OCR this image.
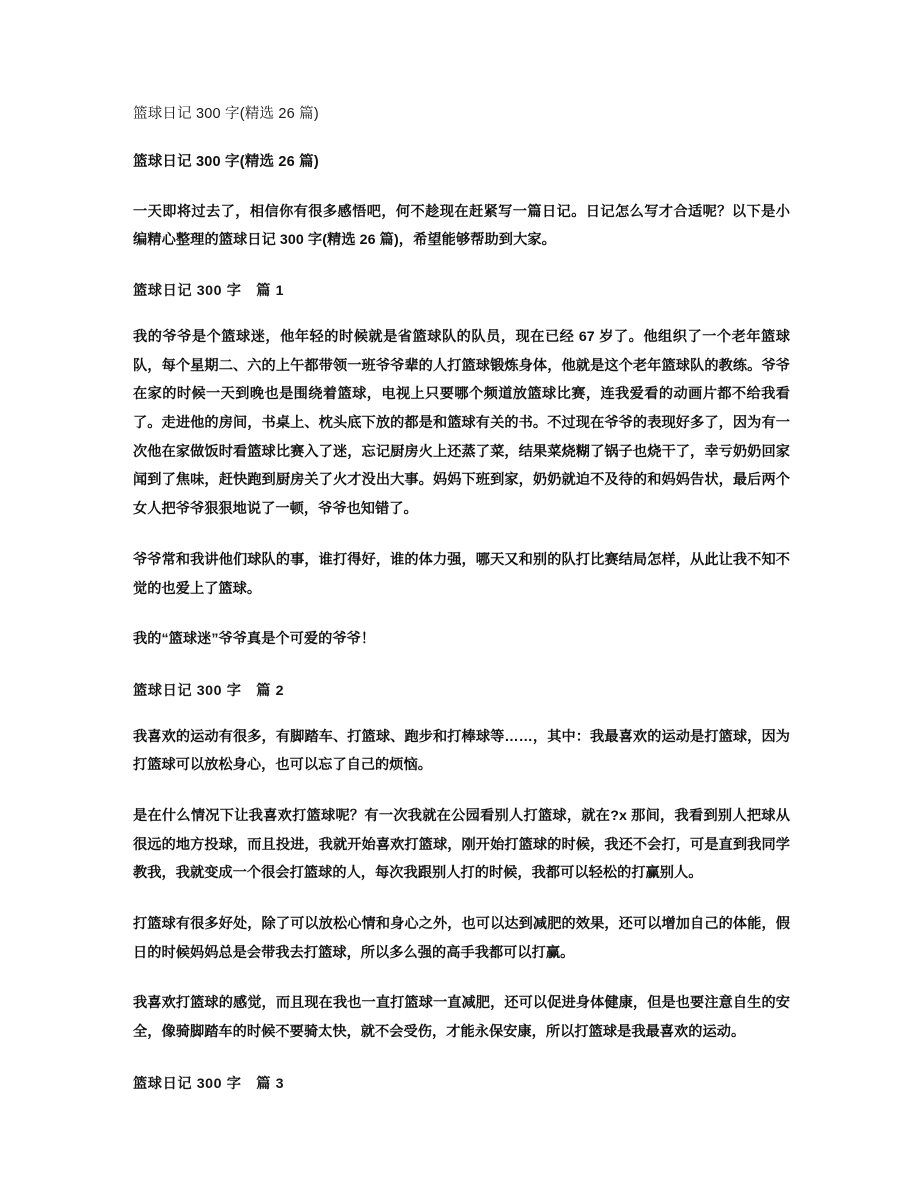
篮球日记 300 字(精选 26 篇)
篮球日记 300 字(精选 26 篇)

一天即将过去了，相信你有很多感悟吧，何不趁现在赶紧写一篇日记。日记怎么写才合适呢？以下是小编精心整理的篮球日记 300 字(精选 26 篇)，希望能够帮助到大家。

篮球日记 300 字　篇 1

我的爷爷是个篮球迷，他年轻的时候就是省篮球队的队员，现在已经 67 岁了。他组织了一个老年篮球队，每个星期二、六的上午都带领一班爷爷辈的人打篮球锻炼身体，他就是这个老年篮球队的教练。爷爷在家的时候一天到晚也是围绕着篮球，电视上只要哪个频道放篮球比赛，连我爱看的动画片都不给我看了。走进他的房间，书桌上、枕头底下放的都是和篮球有关的书。不过现在爷爷的表现好多了，因为有一次他在家做饭时看篮球比赛入了迷，忘记厨房火上还蒸了菜，结果菜烧糊了锅子也烧干了，幸亏奶奶回家闻到了焦味，赶快跑到厨房关了火才没出大事。妈妈下班到家，奶奶就迫不及待的和妈妈告状，最后两个女人把爷爷狠狠地说了一顿，爷爷也知错了。

爷爷常和我讲他们球队的事，谁打得好，谁的体力强，哪天又和别的队打比赛结局怎样，从此让我不知不觉的也爱上了篮球。

我的“篮球迷”爷爷真是个可爱的爷爷！

篮球日记 300 字　篇 2

我喜欢的运动有很多，有脚踏车、打篮球、跑步和打棒球等……，其中：我最喜欢的运动是打篮球，因为打篮球可以放松身心，也可以忘了自己的烦恼。

是在什么情况下让我喜欢打篮球呢？有一次我就在公园看别人打篮球，就在?x 那间，我看到别人把球从很远的地方投球，而且投进，我就开始喜欢打篮球，刚开始打篮球的时候，我还不会打，可是直到我同学教我，我就变成一个很会打篮球的人，每次我跟别人打的时候，我都可以轻松的打赢别人。

打篮球有很多好处，除了可以放松心情和身心之外，也可以达到减肥的效果，还可以增加自己的体能，假日的时候妈妈总是会带我去打篮球，所以多么强的高手我都可以打赢。

我喜欢打篮球的感觉，而且现在我也一直打篮球一直减肥，还可以促进身体健康，但是也要注意自生的安全，像骑脚踏车的时候不要骑太快，就不会受伤，才能永保安康，所以打篮球是我最喜欢的运动。

篮球日记 300 字　篇 3
